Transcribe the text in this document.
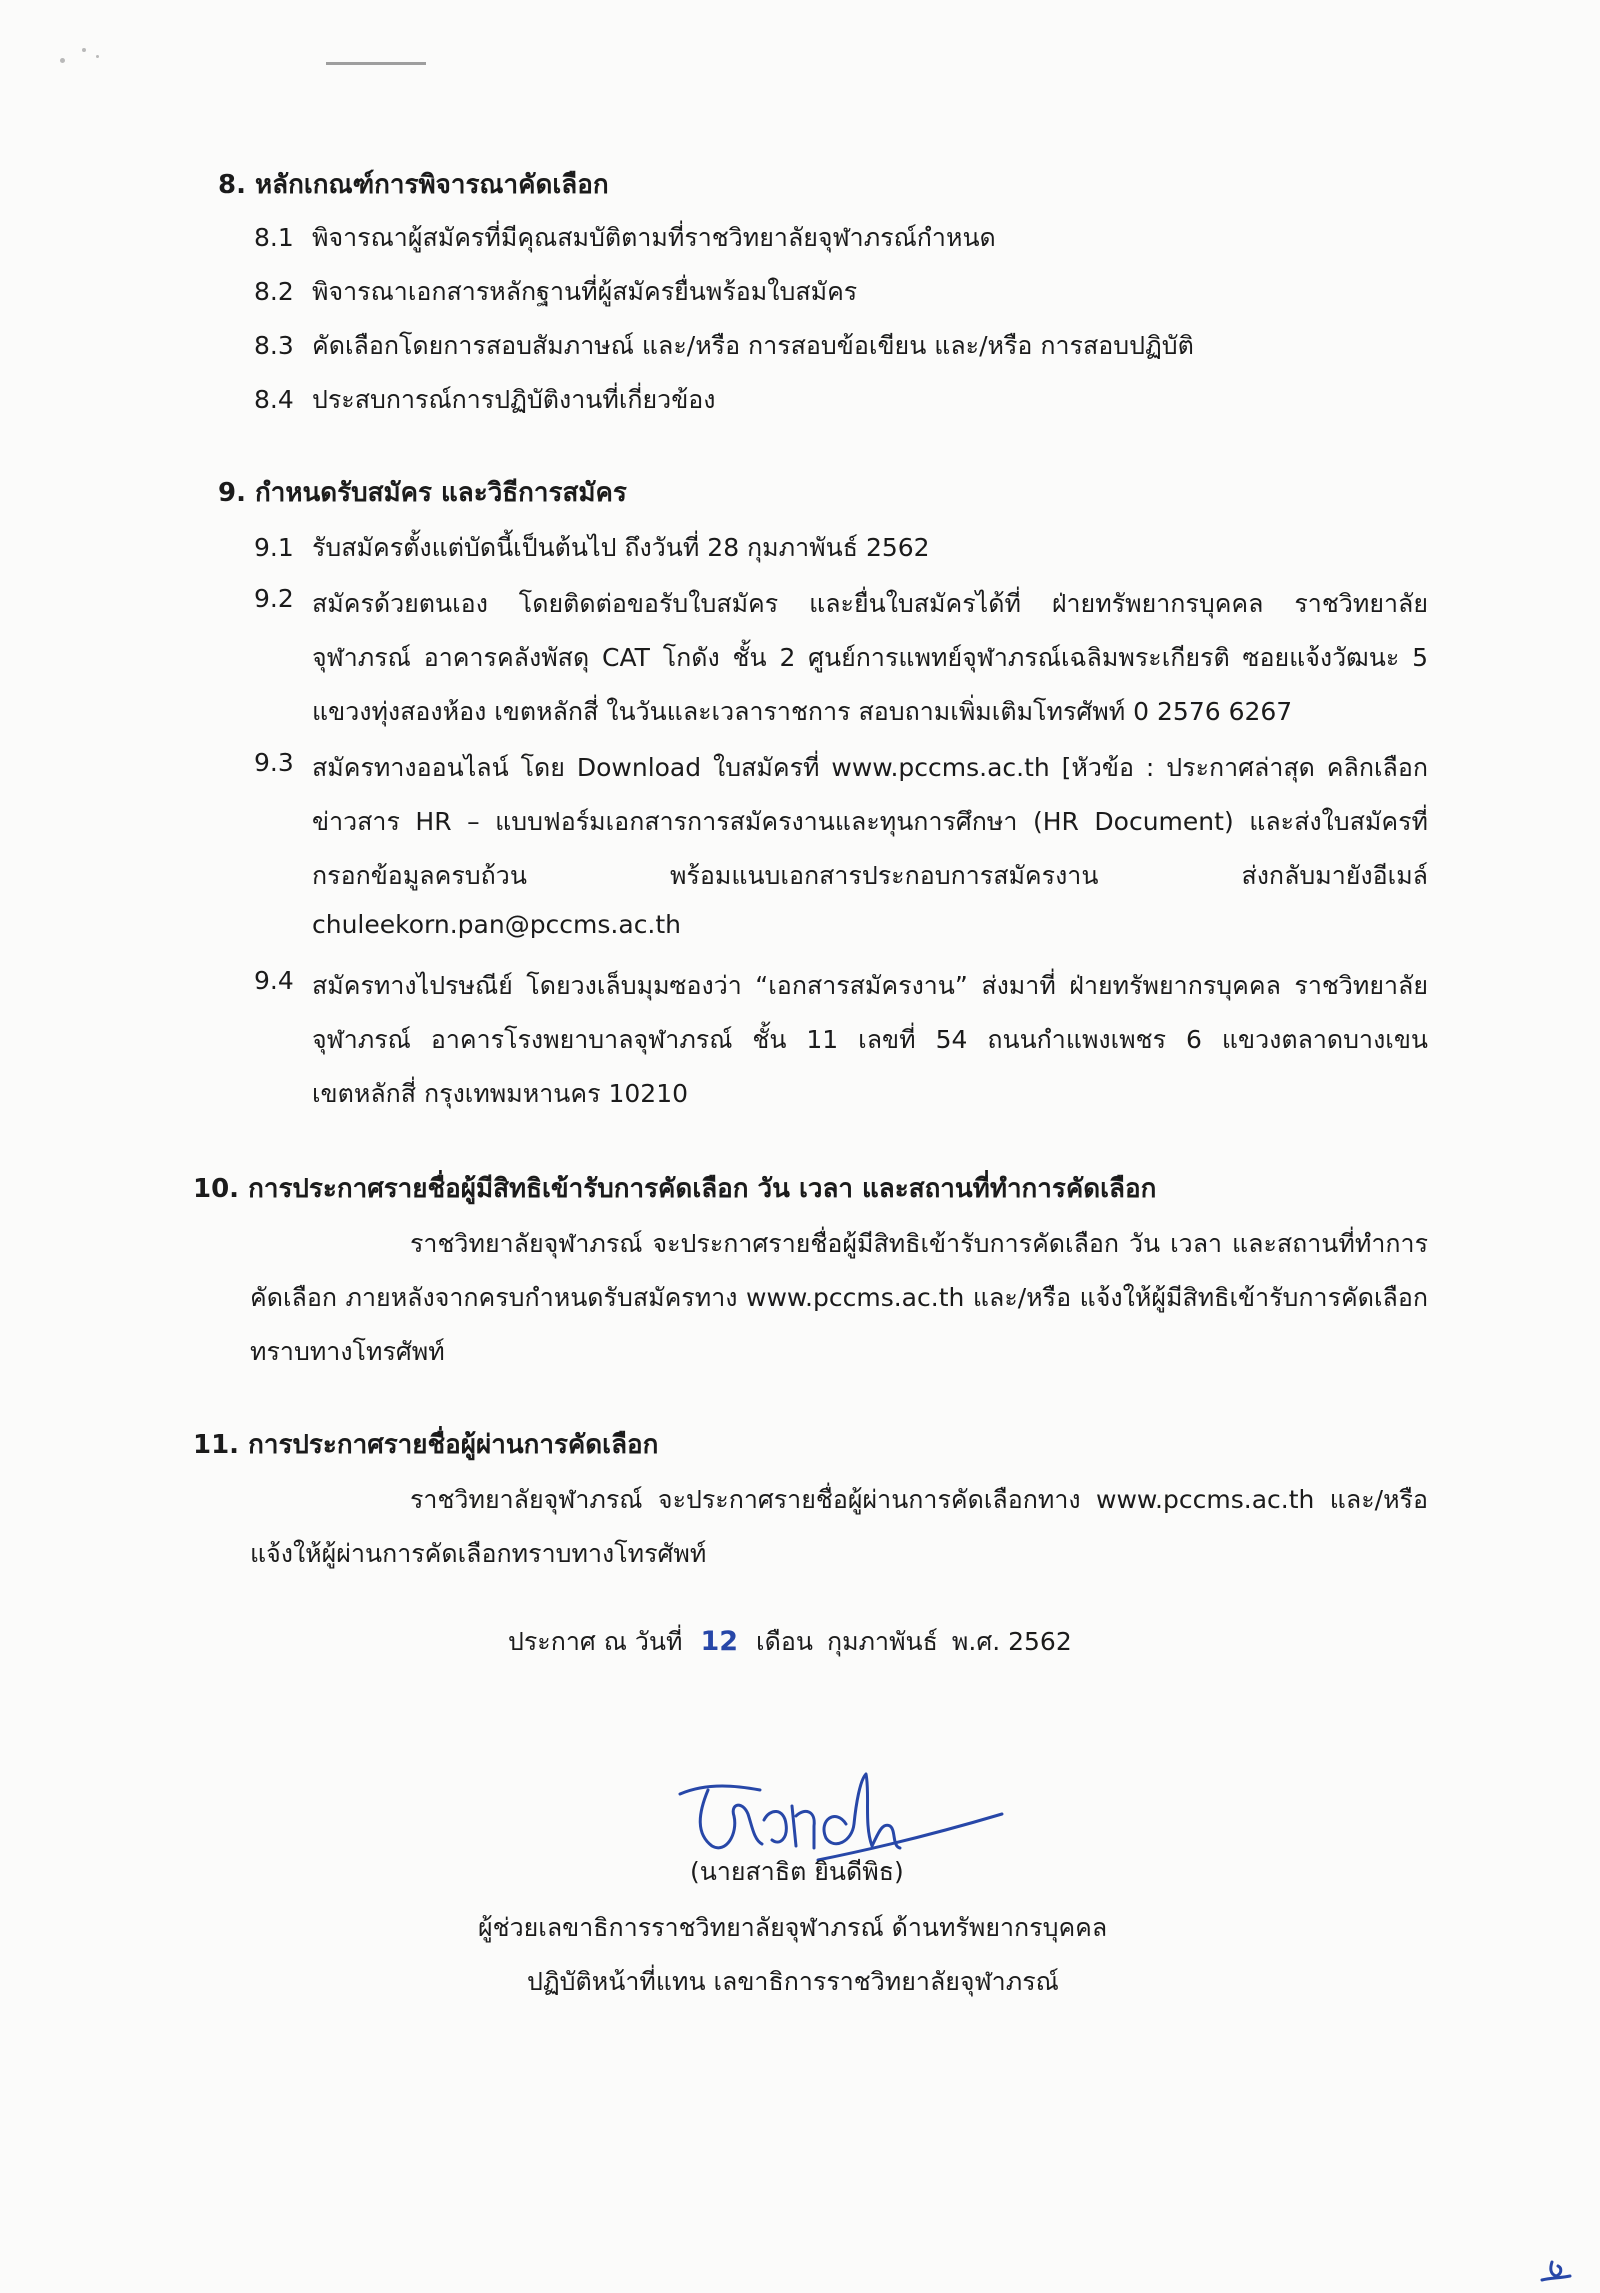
8. หลักเกณฑ์การพิจารณาคัดเลือก
8.1 พิจารณาผู้สมัครที่มีคุณสมบัติตามที่ราชวิทยาลัยจุฬาภรณ์กำหนด
8.2 พิจารณาเอกสารหลักฐานที่ผู้สมัครยื่นพร้อมใบสมัคร
8.3 คัดเลือกโดยการสอบสัมภาษณ์ และ/หรือ การสอบข้อเขียน และ/หรือ การสอบปฏิบัติ
8.4 ประสบการณ์การปฏิบัติงานที่เกี่ยวข้อง
9. กำหนดรับสมัคร และวิธีการสมัคร
9.1 รับสมัครตั้งแต่บัดนี้เป็นต้นไป ถึงวันที่ 28 กุมภาพันธ์ 2562
9.2 สมัครด้วยตนเอง โดยติดต่อขอรับใบสมัคร และยื่นใบสมัครได้ที่ ฝ่ายทรัพยากรบุคคล ราชวิทยาลัย
จุฬาภรณ์ อาคารคลังพัสดุ CAT โกดัง ชั้น 2 ศูนย์การแพทย์จุฬาภรณ์เฉลิมพระเกียรติ ซอยแจ้งวัฒนะ 5
แขวงทุ่งสองห้อง เขตหลักสี่ ในวันและเวลาราชการ สอบถามเพิ่มเติมโทรศัพท์ 0 2576 6267
9.3 สมัครทางออนไลน์ โดย Download ใบสมัครที่ www.pccms.ac.th [หัวข้อ : ประกาศล่าสุด คลิกเลือก
ข่าวสาร HR – แบบฟอร์มเอกสารการสมัครงานและทุนการศึกษา (HR Document) และส่งใบสมัครที่
กรอกข้อมูลครบถ้วน พร้อมแนบเอกสารประกอบการสมัครงาน ส่งกลับมายังอีเมล์
chuleekorn.pan@pccms.ac.th
9.4 สมัครทางไปรษณีย์ โดยวงเล็บมุมซองว่า “เอกสารสมัครงาน” ส่งมาที่ ฝ่ายทรัพยากรบุคคล ราชวิทยาลัย
จุฬาภรณ์ อาคารโรงพยาบาลจุฬาภรณ์ ชั้น 11 เลขที่ 54 ถนนกำแพงเพชร 6 แขวงตลาดบางเขน
เขตหลักสี่ กรุงเทพมหานคร 10210
10. การประกาศรายชื่อผู้มีสิทธิเข้ารับการคัดเลือก วัน เวลา และสถานที่ทำการคัดเลือก
ราชวิทยาลัยจุฬาภรณ์ จะประกาศรายชื่อผู้มีสิทธิเข้ารับการคัดเลือก วัน เวลา และสถานที่ทำการ
คัดเลือก ภายหลังจากครบกำหนดรับสมัครทาง www.pccms.ac.th และ/หรือ แจ้งให้ผู้มีสิทธิเข้ารับการคัดเลือก
ทราบทางโทรศัพท์
11. การประกาศรายชื่อผู้ผ่านการคัดเลือก
ราชวิทยาลัยจุฬาภรณ์ จะประกาศรายชื่อผู้ผ่านการคัดเลือกทาง www.pccms.ac.th และ/หรือ
แจ้งให้ผู้ผ่านการคัดเลือกทราบทางโทรศัพท์
ประกาศ ณ วันที่ 12 เดือน กุมภาพันธ์ พ.ศ. 2562
(นายสาธิต ยินดีพิธ)
ผู้ช่วยเลขาธิการราชวิทยาลัยจุฬาภรณ์ ด้านทรัพยากรบุคคล
ปฏิบัติหน้าที่แทน เลขาธิการราชวิทยาลัยจุฬาภรณ์
